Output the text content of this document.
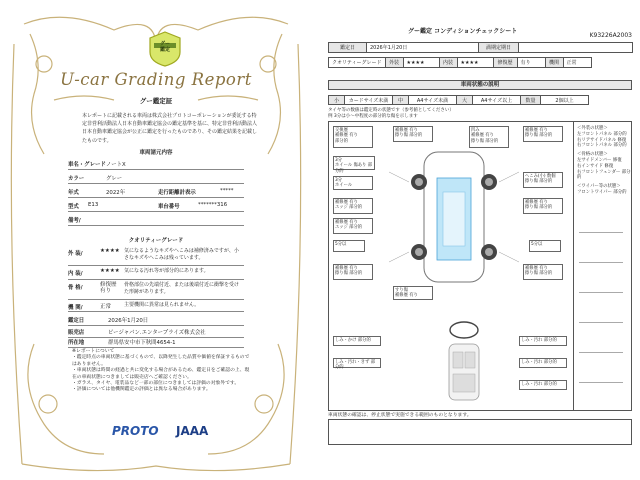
グー
鑑定
U-car Grading Report
グー鑑定証
本レポートに記載される車両は株式会社プロトコーポレーションが委託する特定非営利活動法人日本自動車鑑定協会の鑑定基準を基に、特定非営利活動法人日本自動車鑑定協会が公正に鑑定を行ったものであり、その鑑定結果を記載したものです。
車両諸元内容
車名・グレード ノートX
カラー	グレー
年式	2022年	走行距離計表示	*****
型式 E13	車台番号	*******316
備考/
クオリティーグレード
外 装/	★★★★ 気になるようなキズやへこみは補修済みですが、小さなキズやへこみは残っています。
内 装/	★★★★ 気になる汚れ等が部分的にあります。
骨 格/	修復歴 有り
骨格部位の先端付近、または後端付近に衝撃を受けた形跡があります。
機 関/	正常	主要機関に異常は見られません。
鑑定日	2026年1月20日
販売店	ビージャパン.エンタープライズ株式会社
所在地	群馬県安中市下秋間4654-1
※レポートについて
・鑑定時点の車両状態に基づくもので、以降発生した品質や価値を保証するものではありません。
・車両状態は時間の経過と共に変化する場合があるため、鑑定日をご確認の上、現在の車両状態につきましては販売店へご確認ください。
・ガラス、タイヤ、電装品など一部の部位につきましては評価の対象外です。
・評価については他機関鑑定の評価とは異なる場合があります。
PROTO JAAA
グー鑑定 コンディションチェックシート
K93226A2003
鑑定日	2026年1月20日	満期定期日	
クオリティーグレード	外装	★★★★	内装	★★★★	修復歴	有り	機関	正常
車両状態の説明
小	カードサイズ未満	中	A4サイズ未満	大	A4サイズ以上	数量	2個以上
タイヤ等の数値は鑑定時の状態です（参考値としてください）
例 3分は小～中程度の部分的な傷を示します
交換歴
補修歴 有り
部分的
補修歴 有り
擦り傷 部分的
凹み
補修歴 有り
擦り傷 部分的
補修歴 有り
擦り傷 部分的
3分
ホイール 傷あり 部分的
3分
ホイール
へこみ(小) 数個
擦り傷 部分的
補修歴 有り
擦り傷 部分的
補修歴 有り
エッジ 部分的
補修歴 有り
エッジ 部分的
5分以	5分以
補修歴 有り
擦り傷 部分的
補修歴 有り
擦り傷 部分的
すり傷
補修歴 有り
しみ・かけ 部分的
しみ・汚れ・きず 部分的
しみ・汚れ 部分的
しみ・汚れ 部分的
しみ・汚れ 部分的
＜外装の状態＞
左フロントパネル 部分的
右リアサイドパネル 修復
右フロントパネル 部分的
＜骨格の状態＞
左サイドメンバー 修復
右インサイド 修復
右フロントフェンダー 部分的
＜ワイパー等の状態＞
フロントワイパー 部分的
車両状態の確認は、停止状態で実施できる範囲のものとなります。
